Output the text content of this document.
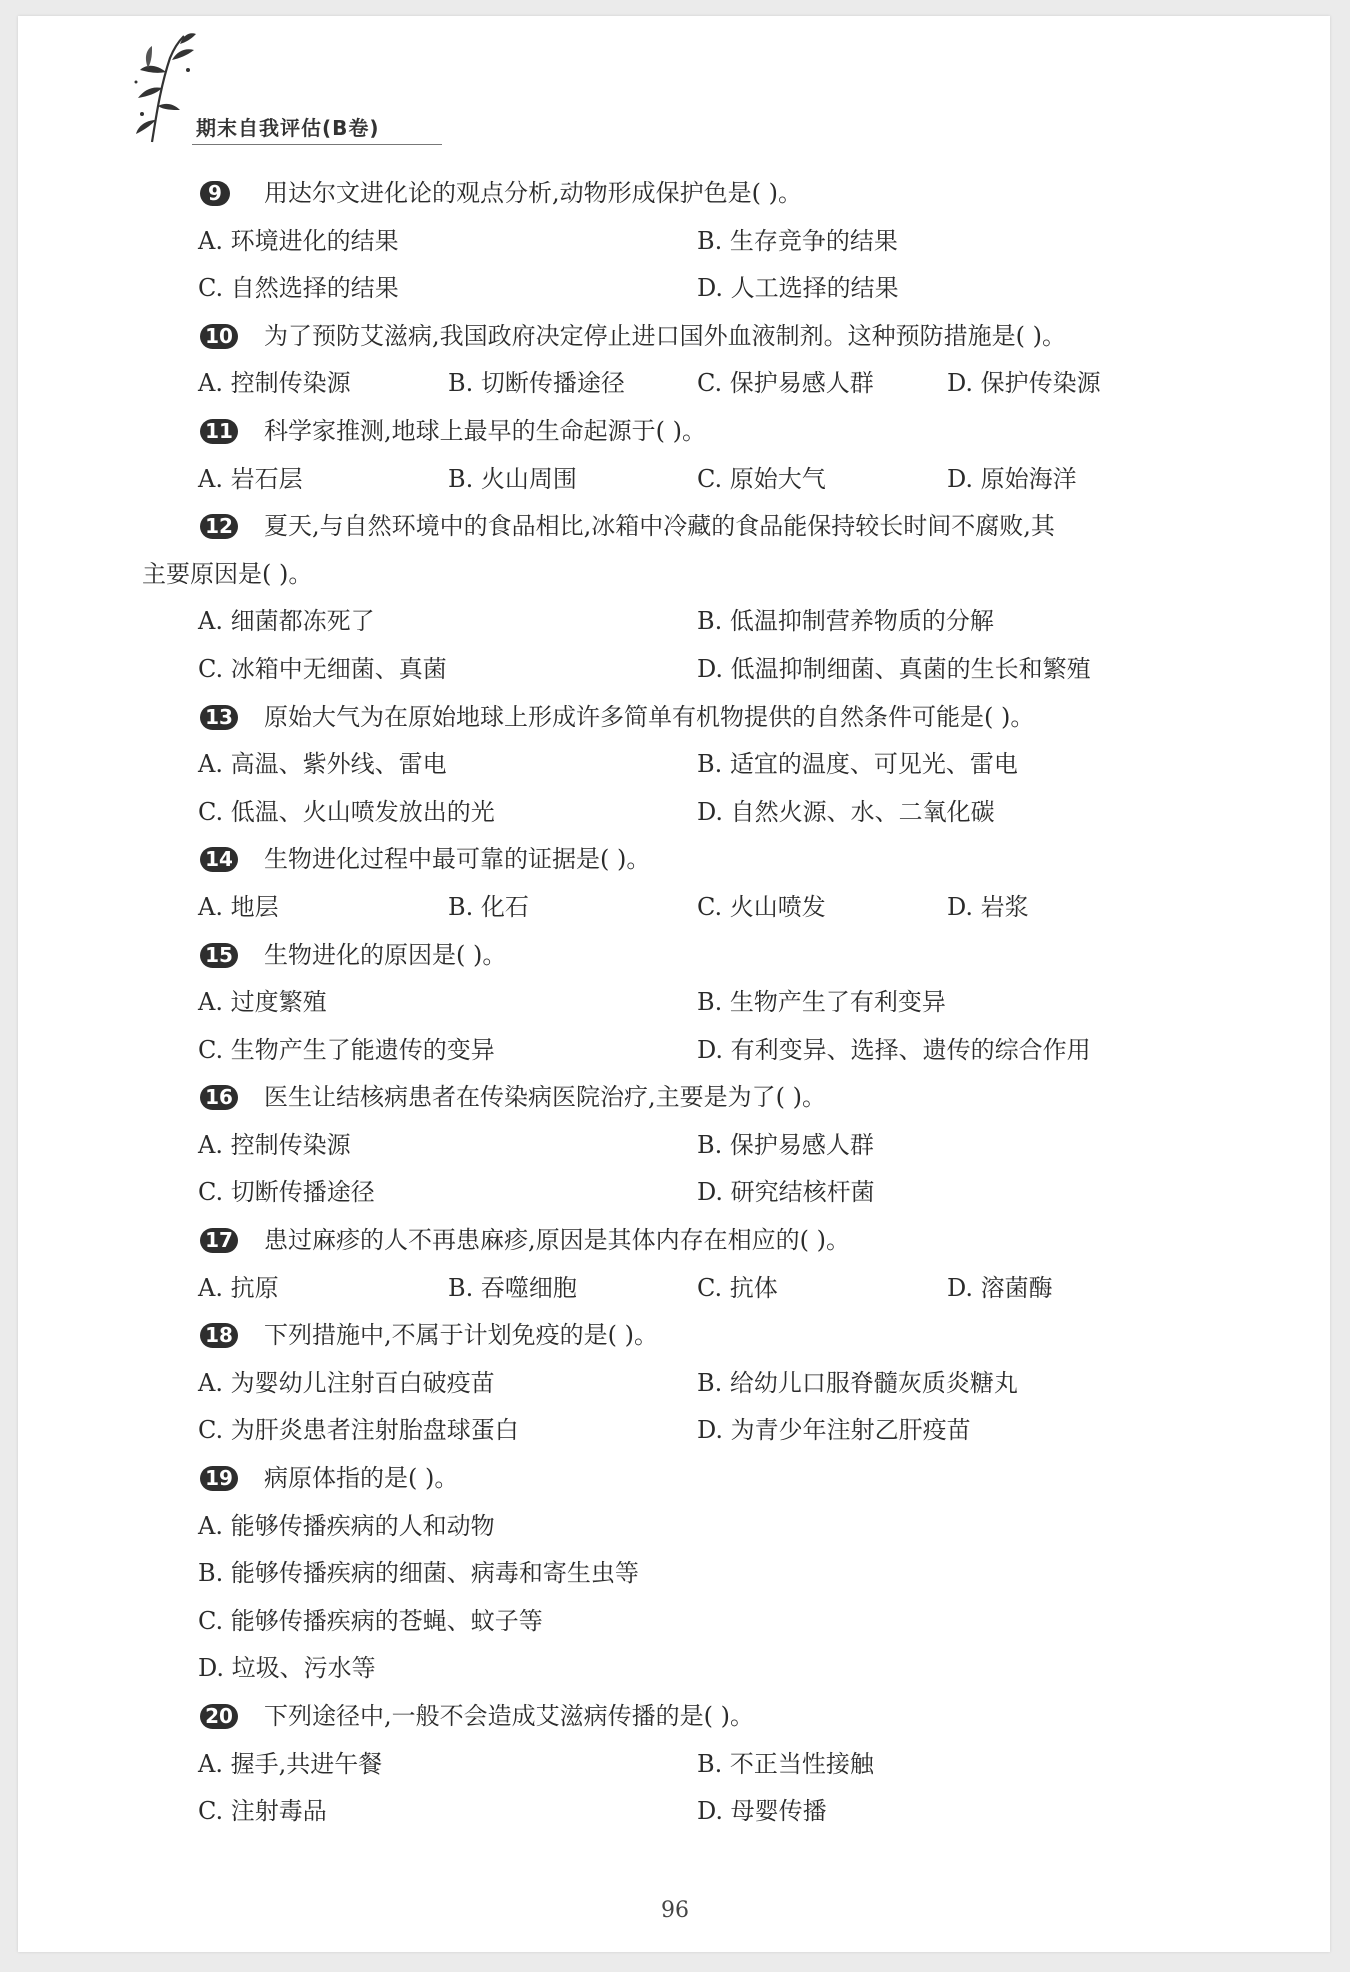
期末自我评估(B卷)
9	用达尔文进化论的观点分析,动物形成保护色是( )。
A. 环境进化的结果	B. 生存竞争的结果
C. 自然选择的结果	D. 人工选择的结果
10 为了预防艾滋病,我国政府决定停止进口国外血液制剂。这种预防措施是( )。
A. 控制传染源	B. 切断传播途径	C. 保护易感人群	D. 保护传染源
11 科学家推测,地球上最早的生命起源于( )。
A. 岩石层	B. 火山周围	C. 原始大气	D. 原始海洋
12 夏天,与自然环境中的食品相比,冰箱中冷藏的食品能保持较长时间不腐败,其
主要原因是( )。
A. 细菌都冻死了	B. 低温抑制营养物质的分解
C. 冰箱中无细菌、真菌	D. 低温抑制细菌、真菌的生长和繁殖
13 原始大气为在原始地球上形成许多简单有机物提供的自然条件可能是( )。
A. 高温、紫外线、雷电	B. 适宜的温度、可见光、雷电
C. 低温、火山喷发放出的光	D. 自然火源、水、二氧化碳
14 生物进化过程中最可靠的证据是( )。
A. 地层	B. 化石	C. 火山喷发	D. 岩浆
15 生物进化的原因是( )。
A. 过度繁殖	B. 生物产生了有利变异
C. 生物产生了能遗传的变异	D. 有利变异、选择、遗传的综合作用
16 医生让结核病患者在传染病医院治疗,主要是为了( )。
A. 控制传染源	B. 保护易感人群
C. 切断传播途径	D. 研究结核杆菌
17 患过麻疹的人不再患麻疹,原因是其体内存在相应的( )。
A. 抗原	B. 吞噬细胞	C. 抗体	D. 溶菌酶
18 下列措施中,不属于计划免疫的是( )。
A. 为婴幼儿注射百白破疫苗	B. 给幼儿口服脊髓灰质炎糖丸
C. 为肝炎患者注射胎盘球蛋白	D. 为青少年注射乙肝疫苗
19 病原体指的是( )。
A. 能够传播疾病的人和动物
B. 能够传播疾病的细菌、病毒和寄生虫等
C. 能够传播疾病的苍蝇、蚊子等
D. 垃圾、污水等
20 下列途径中,一般不会造成艾滋病传播的是( )。
A. 握手,共进午餐	B. 不正当性接触
C. 注射毒品	D. 母婴传播
96
